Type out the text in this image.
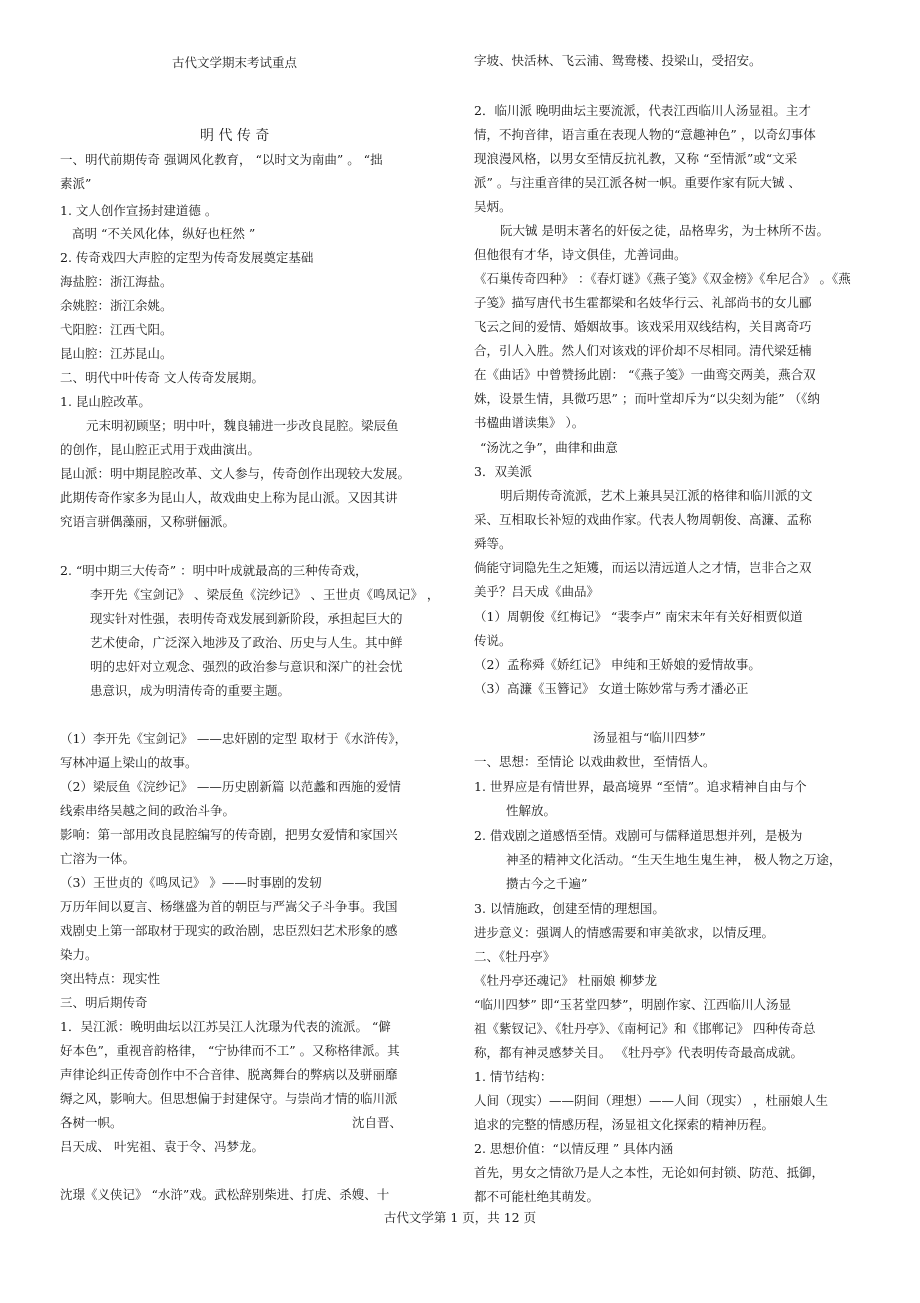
古代文学期末考试重点

明 代 传 奇

一、明代前期传奇 强调风化教育， “以时文为南曲” 。 “拙

素派”

1. 文人创作宣扬封建道德 。

高明 “不关风化体，纵好也枉然 ”

2. 传奇戏四大声腔的定型为传奇发展奠定基础

海盐腔：浙江海盐。

余姚腔：浙江余姚。

弋阳腔：江西弋阳。

昆山腔：江苏昆山。

二、明代中叶传奇 文人传奇发展期。

1. 昆山腔改革。

元末明初顾坚；明中叶，魏良辅进一步改良昆腔。梁辰鱼

的创作，昆山腔正式用于戏曲演出。

昆山派：明中期昆腔改革、文人参与，传奇创作出现较大发展。

此期传奇作家多为昆山人，故戏曲史上称为昆山派。又因其讲

究语言骈偶藻丽，又称骈俪派。

2. “明中期三大传奇” ：明中叶成就最高的三种传奇戏，

李开先《宝剑记》 、梁辰鱼《浣纱记》 、王世贞《鸣凤记》 ，

现实针对性强，表明传奇戏发展到新阶段，承担起巨大的

艺术使命，广泛深入地涉及了政治、历史与人生。其中鲜

明的忠奸对立观念、强烈的政治参与意识和深广的社会忧

患意识，成为明清传奇的重要主题。

（1）李开先《宝剑记》 ——忠奸剧的定型 取材于《水浒传》，

写林冲逼上梁山的故事。

（2）梁辰鱼《浣纱记》 ——历史剧新篇 以范蠡和西施的爱情

线索串络吴越之间的政治斗争。

影响：第一部用改良昆腔编写的传奇剧，把男女爱情和家国兴

亡溶为一体。

（3）王世贞的《鸣凤记》 》——时事剧的发轫

万历年间以夏言、杨继盛为首的朝臣与严嵩父子斗争事。我国

戏剧史上第一部取材于现实的政治剧，忠臣烈妇艺术形象的感

染力。

突出特点：现实性

三、明后期传奇

1．吴江派：晚明曲坛以江苏吴江人沈璟为代表的流派。 “僻

好本色”，重视音韵格律， “宁协律而不工” 。又称格律派。其

声律论纠正传奇创作中不合音律、脱离舞台的弊病以及骈丽靡

缛之风，影响大。但思想偏于封建保守。与崇尚才情的临川派

各树一帜。	沈自晋、

吕天成、 叶宪祖、袁于令、冯梦龙。

沈璟《义侠记》 “水浒”戏。武松辞别柴进、打虎、杀嫂、十

字坡、快活林、飞云浦、鸳鸯楼、投梁山，受招安。

2．临川派 晚明曲坛主要流派，代表江西临川人汤显祖。主才

情，不拘音律，语言重在表现人物的“意趣神色” ，以奇幻事体

现浪漫风格，以男女至情反抗礼教，又称 “至情派”或“文采

派” 。与注重音律的吴江派各树一帜。重要作家有阮大铖 、

吴炳。

阮大铖 是明末著名的奸佞之徒，品格卑劣，为士林所不齿。

但他很有才华，诗文俱佳，尤善词曲。

《石巢传奇四种》 ：《春灯谜》《燕子笺》《双金榜》《牟尼合》 。《燕

子笺》描写唐代书生霍都梁和名妓华行云、礼部尚书的女儿郦

飞云之间的爱情、婚姻故事。该戏采用双线结构，关目离奇巧

合，引人入胜。然人们对该戏的评价却不尽相同。清代梁廷楠

在《曲话》中曾赞扬此剧： “《燕子笺》一曲鸾交两美，燕合双

姝，设景生情，具微巧思” ；而叶堂却斥为“以尖刻为能” （《纳

书楹曲谱读集》 ）。

“汤沈之争”，曲律和曲意

3．双美派

明后期传奇流派，艺术上兼具吴江派的格律和临川派的文

采、互相取长补短的戏曲作家。代表人物周朝俊、高濂、孟称

舜等。

倘能守词隐先生之矩矱，而运以清远道人之才情，岂非合之双

美乎？吕天成《曲品》

（1）周朝俊《红梅记》 “裴李卢” 南宋末年有关好相贾似道

传说。

（2）孟称舜《娇红记》 申纯和王娇娘的爱情故事。

（3）高濂《玉簪记》 女道士陈妙常与秀才潘必正

汤显祖与“临川四梦”

一、思想：至情论 以戏曲救世，至情悟人。

1. 世界应是有情世界，最高境界 “至情”。追求精神自由与个

性解放。

2. 借戏剧之道感悟至情。戏剧可与儒释道思想并列，是极为

神圣的精神文化活动。“生天生地生鬼生神， 极人物之万途，

攒古今之千遍”

3. 以情施政，创建至情的理想国。

进步意义：强调人的情感需要和审美欲求，以情反理。

二、《牡丹亭》

《牡丹亭还魂记》 杜丽娘 柳梦龙

“临川四梦” 即“玉茗堂四梦”，明剧作家、江西临川人汤显

祖《紫钗记》、《牡丹亭》、《南柯记》和《邯郸记》 四种传奇总

称，都有神灵感梦关目。 《牡丹亭》代表明传奇最高成就。

1. 情节结构：

人间（现实）——阴间（理想）——人间（现实） ，杜丽娘人生

追求的完整的情感历程，汤显祖文化探索的精神历程。

2. 思想价值：“以情反理 ” 具体内涵

首先，男女之情欲乃是人之本性，无论如何封锁、防范、抵御，

都不可能杜绝其萌发。

古代文学第 1 页，共 12 页
